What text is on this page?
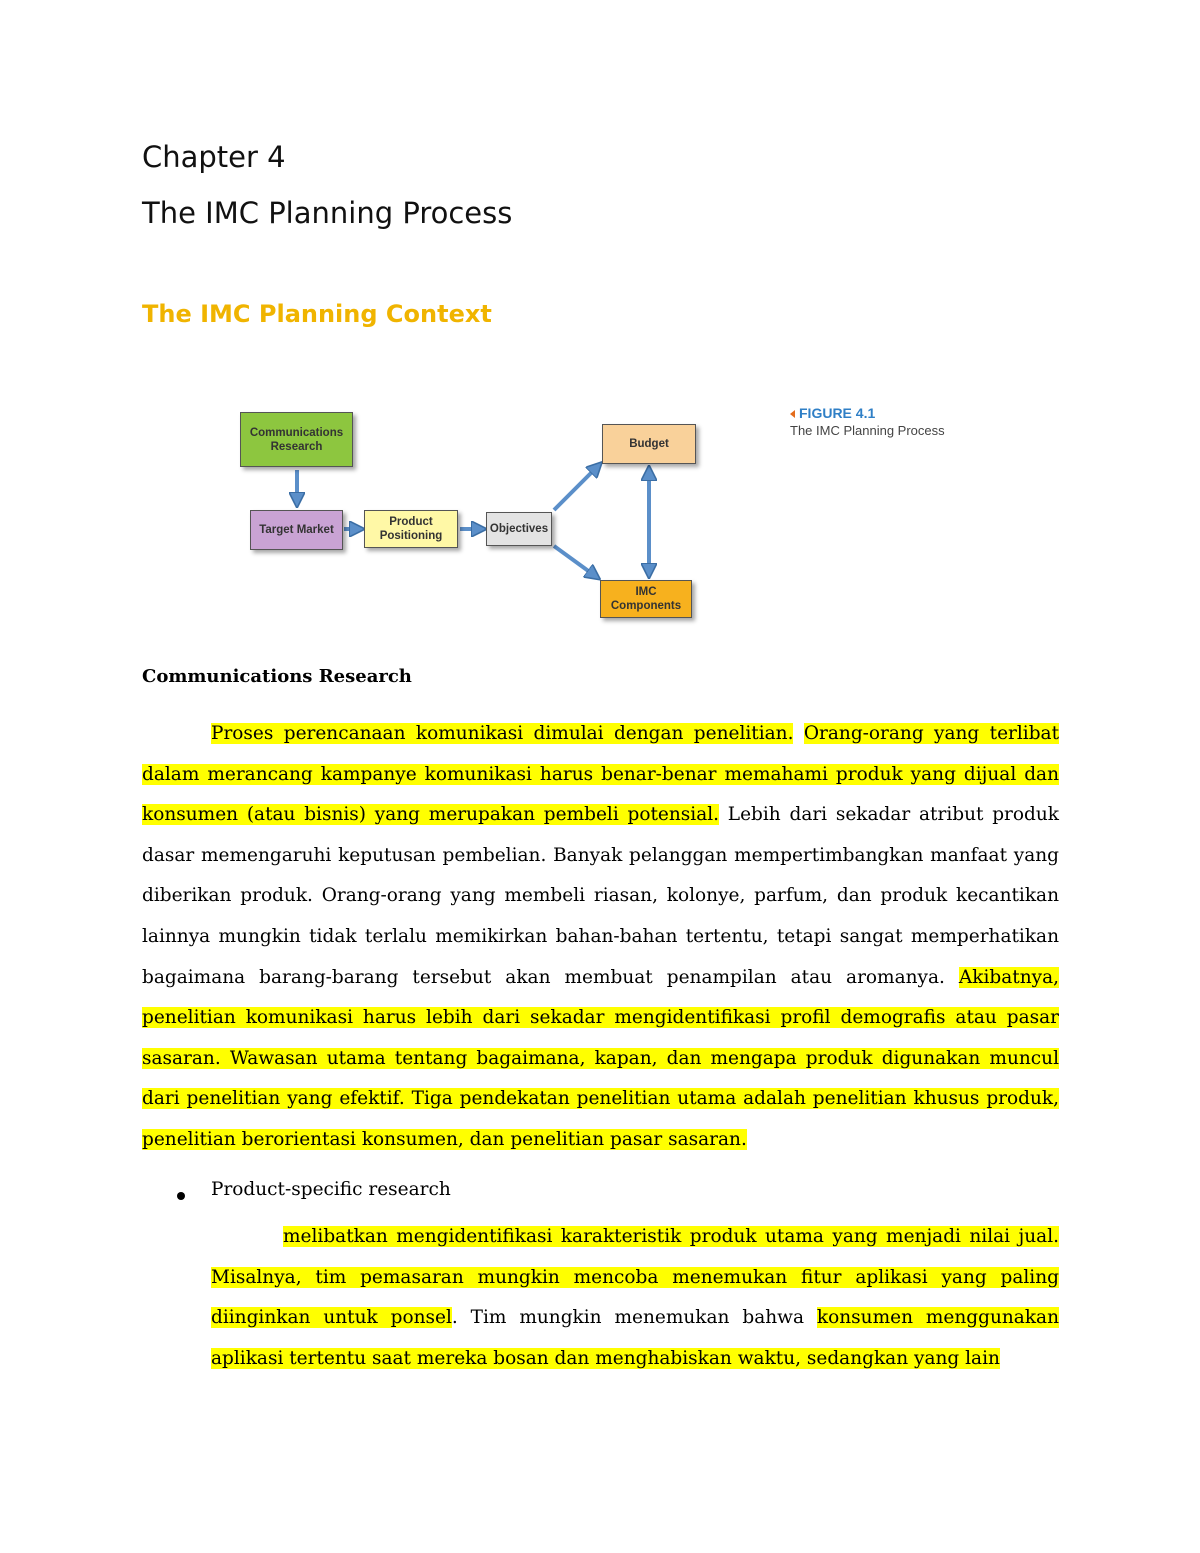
Chapter 4
The IMC Planning Process
The IMC Planning Context
Communications Research
Target Market
Product Positioning
Objectives
Budget
IMC Components
FIGURE 4.1
The IMC Planning Process
Communications Research

Proses perencanaan komunikasi dimulai dengan penelitian. Orang-orang yang terlibat dalam merancang kampanye komunikasi harus benar-benar memahami produk yang dijual dan konsumen (atau bisnis) yang merupakan pembeli potensial. Lebih dari sekadar atribut produk dasar memengaruhi keputusan pembelian. Banyak pelanggan mempertimbangkan manfaat yang diberikan produk. Orang-orang yang membeli riasan, kolonye, parfum, dan produk kecantikan lainnya mungkin tidak terlalu memikirkan bahan-bahan tertentu, tetapi sangat memperhatikan bagaimana barang-barang tersebut akan membuat penampilan atau aromanya. Akibatnya, penelitian komunikasi harus lebih dari sekadar mengidentifikasi profil demografis atau pasar sasaran. Wawasan utama tentang bagaimana, kapan, dan mengapa produk digunakan muncul dari penelitian yang efektif. Tiga pendekatan penelitian utama adalah penelitian khusus produk, penelitian berorientasi konsumen, dan penelitian pasar sasaran.

Product-specific research

melibatkan mengidentifikasi karakteristik produk utama yang menjadi nilai jual. Misalnya, tim pemasaran mungkin mencoba menemukan fitur aplikasi yang paling diinginkan untuk ponsel. Tim mungkin menemukan bahwa konsumen menggunakan aplikasi tertentu saat mereka bosan dan menghabiskan waktu, sedangkan yang lain
